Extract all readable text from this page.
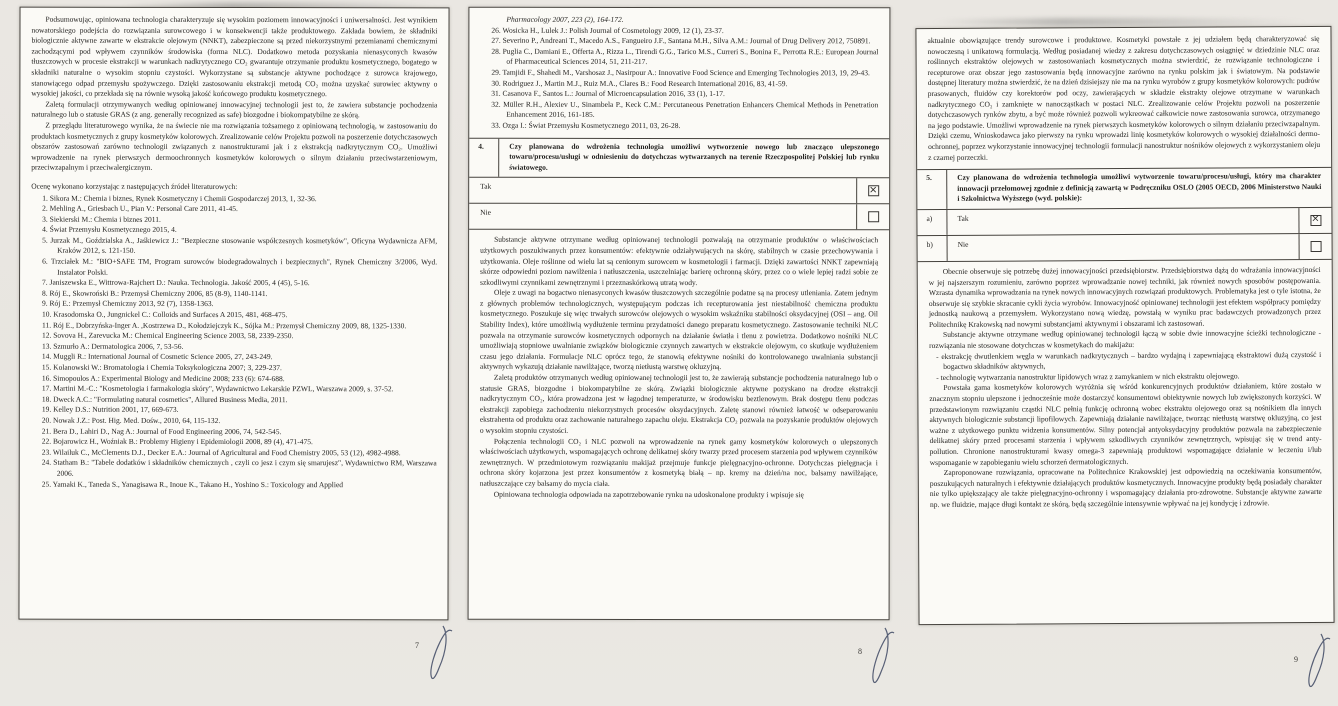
Podsumowując, opiniowana technologia charakteryzuje się wysokim poziomem innowacyjności i uniwersalności. Jest wynikiem nowatorskiego podejścia do rozwiązania surowcowego i w konsekwencji także produktowego. Zakłada bowiem, że składniki biologicznie aktywne zawarte w ekstrakcie olejowym (NNKT), zabezpieczone są przed niekorzystnymi przemianami chemicznymi zachodzącymi pod wpływem czynników środowiska (forma NLC). Dodatkowo metoda pozyskania nienasyconych kwasów tłuszczowych w procesie ekstrakcji w warunkach nadkrytycznego CO₂ gwarantuje otrzymanie produktu kosmetycznego, bogatego w składniki naturalne o wysokim stopniu czystości. Wykorzystane są substancje aktywne pochodzące z surowca krajowego, stanowiącego odpad przemysłu spożywczego. Dzięki zastosowaniu ekstrakcji metodą CO₂ można uzyskać surowiec aktywny o wysokiej jakości, co przekłada się na równie wysoką jakość końcowego produktu kosmetycznego.

Zaletą formulacji otrzymywanych według opiniowanej innowacyjnej technologii jest to, że zawiera substancje pochodzenia naturalnego lub o statusie GRAS (z ang. generally recognized as safe) biozgodne i biokompatybilne ze skórą.

Z przeglądu literaturowego wynika, że na świecie nie ma rozwiązania tożsamego z opiniowaną technologią, w zastosowaniu do produktach kosmetycznych z grupy kosmetyków kolorowych. Zrealizowanie celów Projektu pozwoli na poszerzenie dotychczasowych obszarów zastosowań zarówno technologii związanych z nanostrukturami jak i z ekstrakcją nadkrytycznym CO₂. Umożliwi wprowadzenie na rynek pierwszych dermoochronnych kosmetyków kolorowych o silnym działaniu przeciwstarzeniowym, przeciwzapalnym i przeciwalergicznym.

Ocenę wykonano korzystając z następujących źródeł literaturowych:

1. Sikora M.: Chemia i biznes, Rynek Kosmetyczny i Chemii Gospodarczej 2013, 1, 32-36.

2. Mehling A., Griesbach U., Pian V.: Personal Care 2011, 41-45.

3. Siekierski M.: Chemia i biznes 2011.

4. Świat Przemysłu Kosmetycznego 2015, 4.

5. Jurzak M., Goździalska A., Jaśkiewicz J.: "Bezpieczne stosowanie współczesnych kosmetyków", Oficyna Wydawnicza AFM, Kraków 2012, s. 121-150.

6. Trzciałek M.: "BIO+SAFE TM, Program surowców biodegradowalnych i bezpiecznych", Rynek Chemiczny 3/2006, Wyd. Instalator Polski.

7. Janiszewska E., Wittrowa-Rajchert D.: Nauka. Technologia. Jakość 2005, 4 (45), 5-16.

8. Rój E., Skowroński B.: Przemysł Chemiczny 2006, 85 (8-9), 1140-1141.

9. Rój E.: Przemysł Chemiczny 2013, 92 (7), 1358-1363.

10. Krasodomska O., Jungnickel C.: Colloids and Surfaces A 2015, 481, 468-475.

11. Rój E., Dobrzyńska-Inger A. ,Kostrzewa D., Kołodziejczyk K., Sójka M.: Przemysł Chemiczny 2009, 88, 1325-1330.

12. Sovova H., Zarevucka M.: Chemical Engineering Science 2003, 58, 2339-2350.

13. Szmurło A.: Dermatologica 2006, 7, 53-56.

14. Muggli R.: International Journal of Cosmetic Science 2005, 27, 243-249.

15. Kolanowski W.: Bromatologia i Chemia Toksykologiczna 2007; 3, 229-237.

16. Simopoulos A.: Experimental Biology and Medicine 2008; 233 (6): 674-688.

17. Martini M.-C.: "Kosmetologia i farmakologia skóry", Wydawnictwo Lekarskie PZWL, Warszawa 2009, s. 37-52.

18. Dweck A.C.: "Formulating natural cosmetics", Allured Business Media, 2011.

19. Kelley D.S.: Nutrition 2001, 17, 669-673.

20. Nowak J.Z.: Post. Hig. Med. Dośw., 2010, 64, 115-132.

21. Bera D., Lahiri D., Nag A.: Journal of Food Engineering 2006, 74, 542-545.

22. Bojarowicz H., Woźniak B.: Problemy Higieny i Epidemiologii 2008, 89 (4), 471-475.

23. Wilailuk C., McClements D.J., Decker E.A.: Journal of Agricultural and Food Chemistry 2005, 53 (12), 4982-4988.

24. Statham B.: "Tabele dodatków i składników chemicznych , czyli co jesz i czym się smarujesz", Wydawnictwo RM, Warszawa 2006.

25. Yamaki K., Taneda S., Yanagisawa R., Inoue K., Takano H., Yoshino S.: Toxicology and Applied

Pharmacology 2007, 223 (2), 164-172.

26. Wosicka H., Lulek J.: Polish Journal of Cosmetology 2009, 12 (1), 23-37.

27. Severino P., Andreani T., Macedo A.S., Fangueiro J.F., Santana M.H., Silva A.M.: Journal of Drug Delivery 2012, 750891.

28. Puglia C., Damiani E., Offerta A., Rizza L., Tirendi G.G., Tarico M.S., Curreri S., Bonina F., Perrotta R.E.: European Journal of Pharmaceutical Sciences 2014, 51, 211-217.

29. Tamjidi F., Shahedi M., Varshosaz J., Nasirpour A.: Innovative Food Science and Emerging Technologies 2013, 19, 29-43.

30. Rodriguez J., Martin M.J., Ruiz M.A., Clares B.: Food Research International 2016, 83, 41-59.

31. Casanova F., Santos L.: Journal of Microencapsulation 2016, 33 (1), 1-17.

32. Müller R.H., Alexiev U., Sinambela P., Keck C.M.: Percutaneous Penetration Enhancers Chemical Methods in Penetration Enhancement 2016, 161-185.

33. Ozga I.: Świat Przemysłu Kosmetycznego 2011, 03, 26-28.

4.	Czy planowana do wdrożenia technologia umożliwi wytworzenie nowego lub znacząco ulepszonego towaru/procesu/usługi w odniesieniu do dotychczas wytwarzanych na terenie Rzeczpospolitej Polskiej lub rynku światowego.
Tak	×
Nie

Substancje aktywne otrzymane według opiniowanej technologii pozwalają na otrzymanie produktów o właściwościach użytkowych poszukiwanych przez konsumentów: efektywnie odziaływujących na skórę, stabilnych w czasie przechowywania i użytkowania. Oleje roślinne od wielu lat są cenionym surowcem w kosmetologii i farmacji. Dzięki zawartości NNKT zapewniają skórze odpowiedni poziom nawilżenia i natłuszczenia, uszczelniając barierę ochronną skóry, przez co o wiele lepiej radzi sobie ze szkodliwymi czynnikami zewnętrznymi i przeznaskórkową utratą wody.

Oleje z uwagi na bogactwo nienasyconych kwasów tłuszczowych szczególnie podatne są na procesy utleniania. Zatem jednym z głównych problemów technologicznych, występującym podczas ich recepturowania jest niestabilność chemiczna produktu kosmetycznego. Poszukuje się więc trwałych surowców olejowych o wysokim wskaźniku stabilności oksydacyjnej (OSI – ang. Oil Stability Index), które umożliwią wydłużenie terminu przydatności danego preparatu kosmetycznego. Zastosowanie techniki NLC pozwala na otrzymanie surowców kosmetycznych odpornych na działanie światła i tlenu z powietrza. Dodatkowo nośniki NLC umożliwiają stopniowe uwalnianie związków biologicznie czynnych zawartych w ekstrakcie olejowym, co skutkuje wydłużeniem czasu jego działania. Formulacje NLC oprócz tego, że stanowią efektywne nośniki do kontrolowanego uwalniania substancji aktywnych wykazują działanie nawilżające, tworzą nietłustą warstwę okluzyjną.

Zaletą produktów otrzymanych według opiniowanej technologii jest to, że zawierają substancje pochodzenia naturalnego lub o statusie GRAS, biozgodne i biokompatybilne ze skórą. Związki biologicznie aktywne pozyskano na drodze ekstrakcji nadkrytycznym CO₂, która prowadzona jest w łagodnej temperaturze, w środowisku beztlenowym. Brak dostępu tlenu podczas ekstrakcji zapobiega zachodzeniu niekorzystnych procesów oksydacyjnych. Zaletę stanowi również łatwość w odseparowaniu ekstrahenta od produktu oraz zachowanie naturalnego zapachu oleju. Ekstrakcja CO₂ pozwala na pozyskanie produktów olejowych o wysokim stopniu czystości.

Połączenia technologii CO₂ i NLC pozwoli na wprowadzenie na rynek gamy kosmetyków kolorowych o ulepszonych właściwościach użytkowych, wspomagających ochronę delikatnej skóry twarzy przed procesem starzenia pod wpływem czynników zewnętrznych. W przedmiotowym rozwiązaniu makijaż przejmuje funkcje pielęgnacyjno-ochronne. Dotychczas pielęgnacja i ochrona skóry kojarzona jest przez konsumentów z kosmetyką białą – np. kremy na dzień/na noc, balsamy nawilżające, natłuszczające czy balsamy do mycia ciała.

Opiniowana technologia odpowiada na zapotrzebowanie rynku na udoskonalone produkty i wpisuje się

aktualnie obowiązujące trendy surowcowe i produktowe. Kosmetyki powstałe z jej udziałem będą charakteryzować się nowoczesną i unikatową formulacją. Według posiadanej wiedzy z zakresu dotychczasowych osiągnięć w dziedzinie NLC oraz roślinnych ekstraktów olejowych w zastosowaniach kosmetycznych można stwierdzić, że rozwiązanie technologiczne i recepturowe oraz obszar jego zastosowania będą innowacyjne zarówno na rynku polskim jak i światowym. Na podstawie dostępnej literatury można stwierdzić, że na dzień dzisiejszy nie ma na rynku wyrobów z grupy kosmetyków kolorowych: pudrów prasowanych, fluidów czy korektorów pod oczy, zawierających w składzie ekstrakty olejowe otrzymane w warunkach nadkrytycznego CO₂ i zamknięte w nanocząstkach w postaci NLC. Zrealizowanie celów Projektu pozwoli na poszerzenie dotychczasowych rynków zbytu, a być może również pozwoli wykreować całkowicie nowe zastosowania surowca, otrzymanego na jego podstawie. Umożliwi wprowadzenie na rynek pierwszych kosmetyków kolorowych o silnym działaniu przeciwzapalnym. Dzięki czemu, Wnioskodawca jako pierwszy na rynku wprowadzi linię kosmetyków kolorowych o wysokiej działalności dermo-ochronnej, poprzez wykorzystanie innowacyjnej technologii formulacji nanostruktur nośników olejowych z wykorzystaniem oleju z czarnej porzeczki.

5.	Czy planowana do wdrożenia technologia umożliwi wytworzenie towaru/procesu/usługi, który ma charakter innowacji przełomowej zgodnie z definicją zawartą w Podręczniku OSLO (2005 OECD, 2006 Ministerstwo Nauki i Szkolnictwa Wyższego (wyd. polskie):
a)	Tak	×
b)	Nie

Obecnie obserwuje się potrzebę dużej innowacyjności przedsiębiorstw. Przedsiębiorstwa dążą do wdrażania innowacyjności w jej najszerszym rozumieniu, zarówno poprzez wprowadzanie nowej techniki, jak również nowych sposobów postępowania. Wzrasta dynamika wprowadzania na rynek nowych innowacyjnych rozwiązań produktowych. Problematyka jest o tyle istotna, że obserwuje się szybkie skracanie cykli życia wyrobów. Innowacyjność opiniowanej technologii jest efektem współpracy pomiędzy jednostką naukową a przemysłem. Wykorzystano nową wiedzę, powstałą w wyniku prac badawczych prowadzonych przez Politechnikę Krakowską nad nowymi substancjami aktywnymi i obszarami ich zastosowań.

Substancje aktywne otrzymane według opiniowanej technologii łączą w sobie dwie innowacyjne ścieżki technologiczne - rozwiązania nie stosowane dotychczas w kosmetykach do makijażu:

- ekstrakcję dwutlenkiem węgla w warunkach nadkrytycznych – bardzo wydajną i zapewniającą ekstraktowi dużą czystość i bogactwo składników aktywnych,

- technologię wytwarzania nanostruktur lipidowych wraz z zamykaniem w nich ekstraktu olejowego.

Powstała gama kosmetyków kolorowych wyróżnia się wśród konkurencyjnych produktów działaniem, które zostało w znacznym stopniu ulepszone i jednocześnie może dostarczyć konsumentowi obiektywnie nowych lub zwiększonych korzyści. W przedstawionym rozwiązaniu cząstki NLC pełnią funkcję ochronną wobec ekstraktu olejowego oraz są nośnikiem dla innych aktywnych biologicznie substancji lipofilowych. Zapewniają działanie nawilżające, tworząc nietłustą warstwę okluzyjną, co jest ważne z użytkowego punktu widzenia konsumentów. Silny potencjał antyoksydacyjny produktów pozwala na zabezpieczenie delikatnej skóry przed procesami starzenia i wpływem szkodliwych czynników zewnętrznych, wpisując się w trend anty-pollution. Chronione nanostrukturami kwasy omega-3 zapewniają produktowi wspomagające działanie w leczeniu i/lub wspomaganie w zapobieganiu wielu schorzeń dermatologicznych.

Zaproponowane rozwiązania, opracowane na Politechnice Krakowskiej jest odpowiedzią na oczekiwania konsumentów, poszukujących naturalnych i efektywnie działających produktów kosmetycznych. Innowacyjne produkty będą posiadały charakter nie tylko upiększający ale także pielęgnacyjno-ochronny i wspomagający działania pro-zdrowotne. Substancje aktywne zawarte np. we fluidzie, mające długi kontakt ze skórą, będą szczególnie intensywnie wpływać na jej kondycję i zdrowie.

7
8
9
